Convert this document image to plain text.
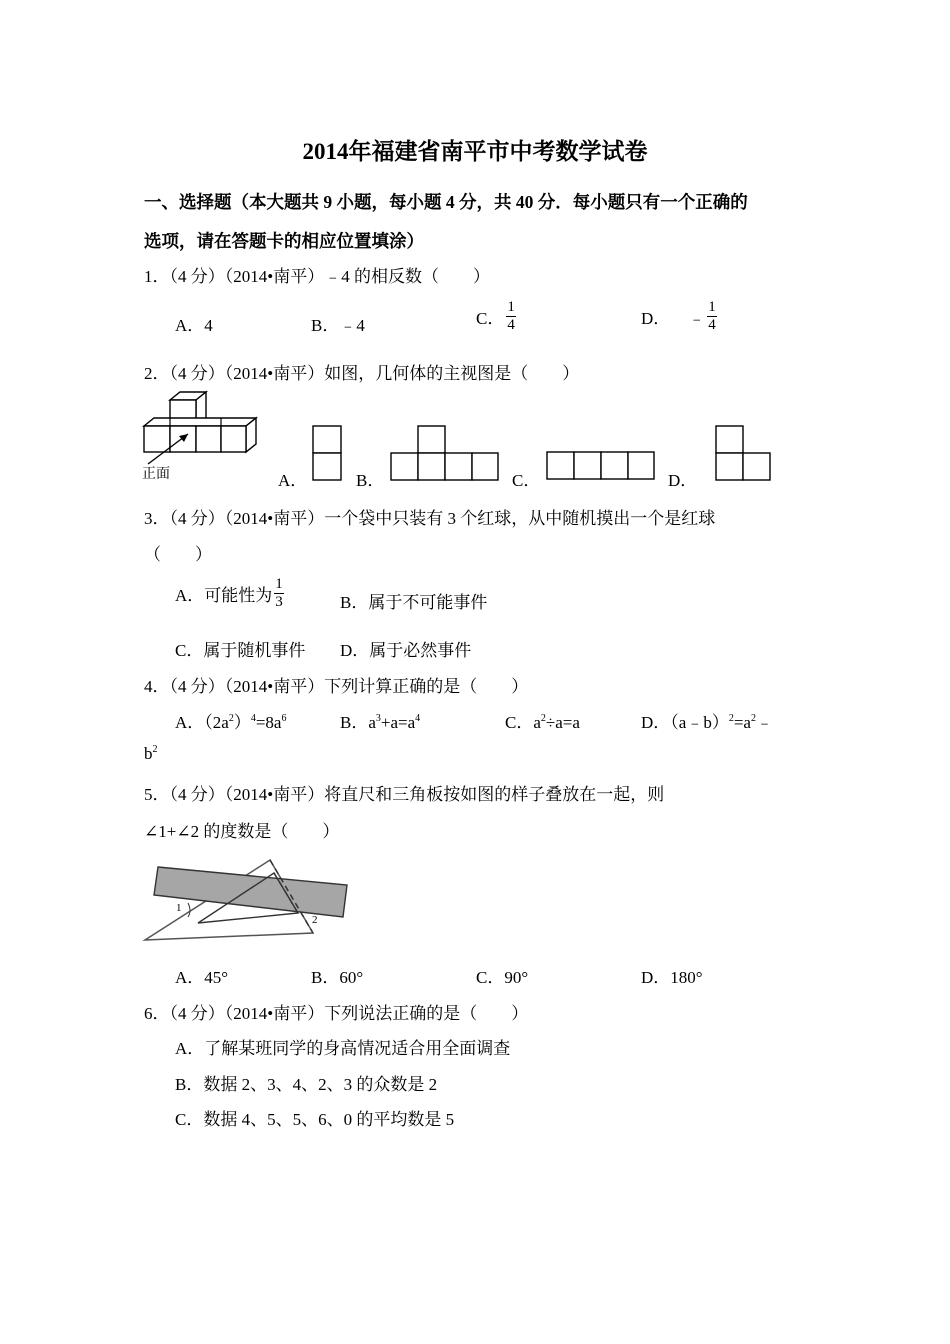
2014年福建省南平市中考数学试卷
一、选择题（本大题共 9 小题，每小题 4 分，共 40 分．每小题只有一个正确的
选项，请在答题卡的相应位置填涂）
1．（4 分）（2014•南平）﹣4 的相反数（　　）
A．4	B．﹣4	C． $\frac{1}{4}$	D． ﹣ $\frac{1}{4}$
2．（4 分）（2014•南平）如图，几何体的主视图是（　　）
正面	A．	B．	C．	D．
3．（4 分）（2014•南平）一个袋中只装有 3 个红球，从中随机摸出一个是红球
（　　）
A．可能性为 $\frac{1}{3}$	B．属于不可能事件
C．属于随机事件 D．属于必然事件
4．（4 分）（2014•南平）下列计算正确的是（　　）
A．$(2a^2)^4=8a^6$	B．$a^3+a=a^4$	C．$a^2\div a=a$	D．$(a﹣b)^2=a^2﹣$
$b^2$
5．（4 分）（2014•南平）将直尺和三角板按如图的样子叠放在一起，则
∠1+∠2 的度数是（　　）
1
2
A．45°	B．60°	C．90°	D．180°
6．（4 分）（2014•南平）下列说法正确的是（　　）
A．了解某班同学的身高情况适合用全面调查
B．数据 2、3、4、2、3 的众数是 2
C．数据 4、5、5、6、0 的平均数是 5
